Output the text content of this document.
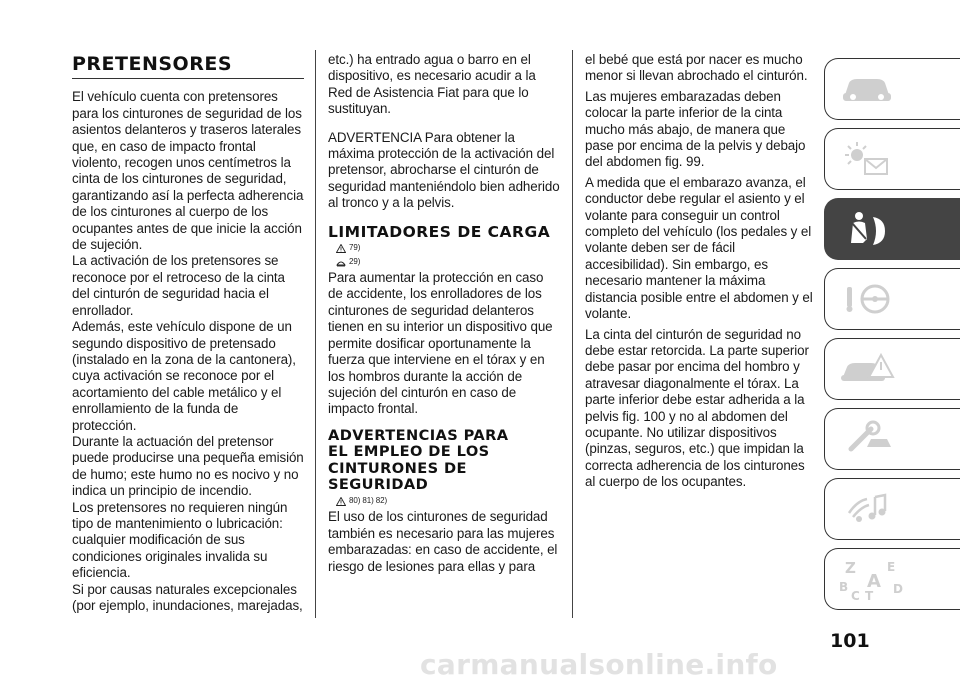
PRETENSORES

El vehículo cuenta con pretensores para los cinturones de seguridad de los asientos delanteros y traseros laterales que, en caso de impacto frontal violento, recogen unos centímetros la cinta de los cinturones de seguridad, garantizando así la perfecta adherencia de los cinturones al cuerpo de los ocupantes antes de que inicie la acción de sujeción.

La activación de los pretensores se reconoce por el retroceso de la cinta del cinturón de seguridad hacia el enrollador.

Además, este vehículo dispone de un segundo dispositivo de pretensado (instalado en la zona de la cantonera), cuya activación se reconoce por el acortamiento del cable metálico y el enrollamiento de la funda de protección.

Durante la actuación del pretensor puede producirse una pequeña emisión de humo; este humo no es nocivo y no indica un principio de incendio.

Los pretensores no requieren ningún tipo de mantenimiento o lubricación: cualquier modificación de sus condiciones originales invalida su eficiencia.

Si por causas naturales excepcionales (por ejemplo, inundaciones, marejadas,

etc.) ha entrado agua o barro en el dispositivo, es necesario acudir a la Red de Asistencia Fiat para que lo sustituyan.

ADVERTENCIA Para obtener la máxima protección de la activación del pretensor, abrocharse el cinturón de seguridad manteniéndolo bien adherido al tronco y a la pelvis.

LIMITADORES DE CARGA
79)
29)

Para aumentar la protección en caso de accidente, los enrolladores de los cinturones de seguridad delanteros tienen en su interior un dispositivo que permite dosificar oportunamente la fuerza que interviene en el tórax y en los hombros durante la acción de sujeción del cinturón en caso de impacto frontal.

ADVERTENCIAS PARA
EL EMPLEO DE LOS
CINTURONES DE
SEGURIDAD
80) 81) 82)

El uso de los cinturones de seguridad también es necesario para las mujeres embarazadas: en caso de accidente, el riesgo de lesiones para ellas y para

el bebé que está por nacer es mucho menor si llevan abrochado el cinturón.

Las mujeres embarazadas deben colocar la parte inferior de la cinta mucho más abajo, de manera que pase por encima de la pelvis y debajo del abdomen fig. 99.

A medida que el embarazo avanza, el conductor debe regular el asiento y el volante para conseguir un control completo del vehículo (los pedales y el volante deben ser de fácil accesibilidad). Sin embargo, es necesario mantener la máxima distancia posible entre el abdomen y el volante.

La cinta del cinturón de seguridad no debe estar retorcida. La parte superior debe pasar por encima del hombro y atravesar diagonalmente el tórax. La parte inferior debe estar adherida a la pelvis fig. 100 y no al abdomen del ocupante. No utilizar dispositivos (pinzas, seguros, etc.) que impidan la correcta adherencia de los cinturones al cuerpo de los ocupantes.

Z	E
A
B
C T D
101
carmanualsonline.info
